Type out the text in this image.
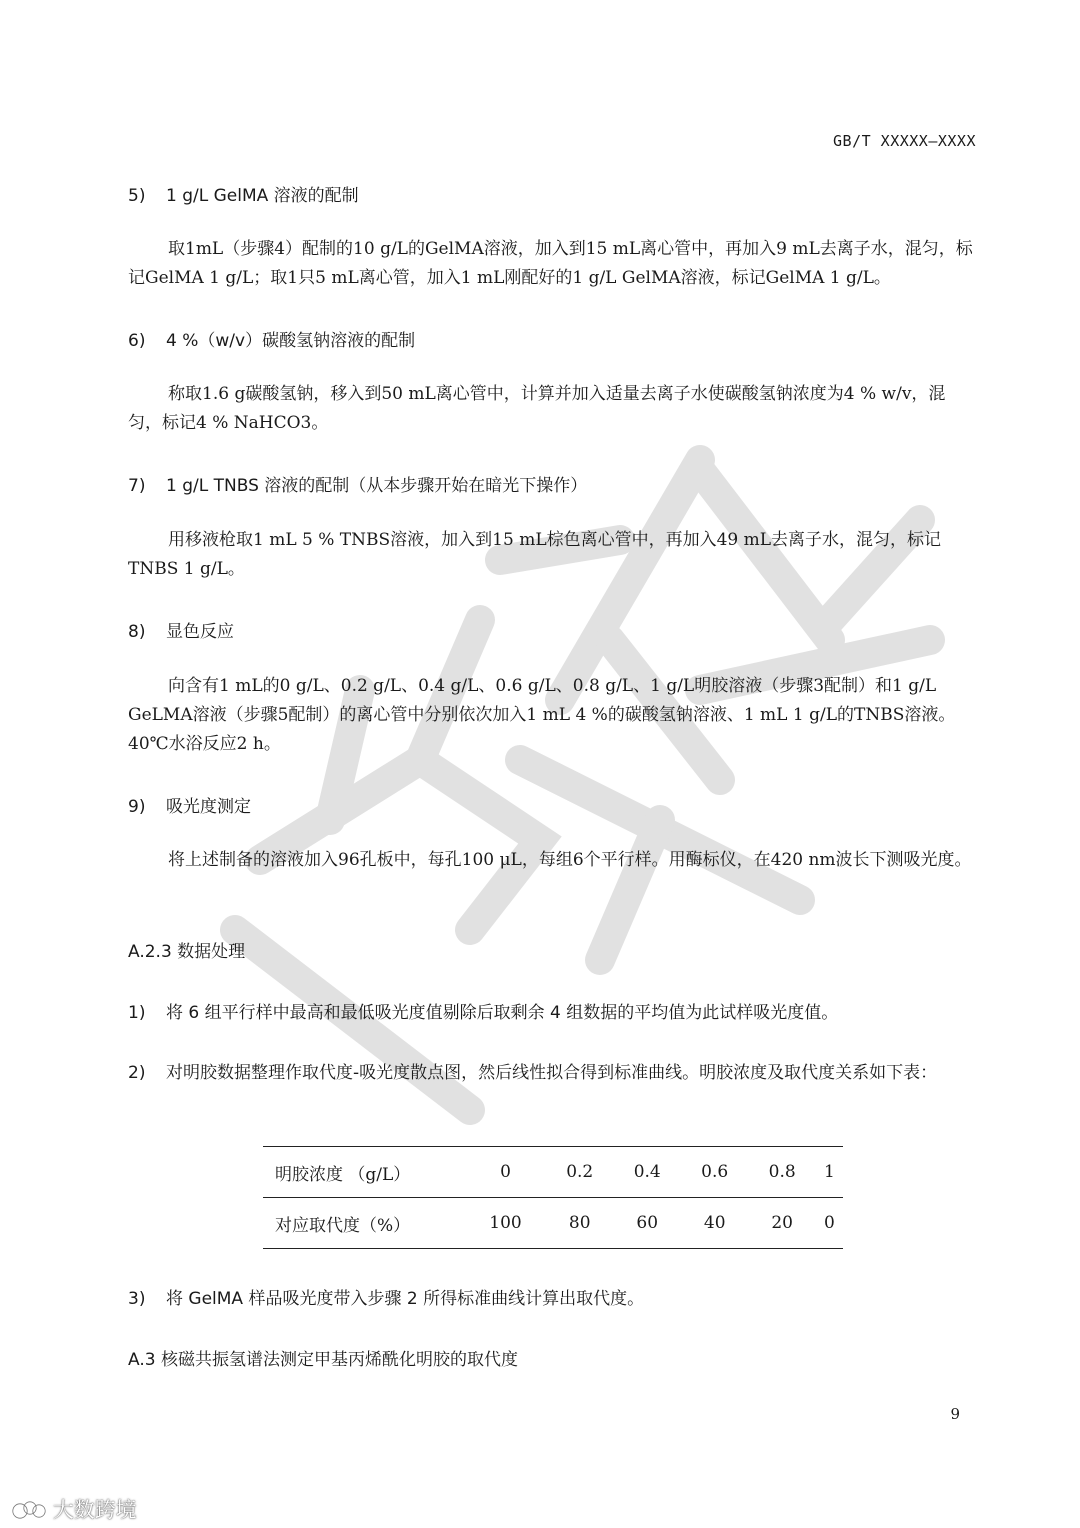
GB/T XXXXX—XXXX
5) 1 g/L GelMA 溶液的配制

取1mL（步骤4）配制的10 g/L的GelMA溶液，加入到15 mL离心管中，再加入9 mL去离子水，混匀，标记GelMA 1 g/L；取1只5 mL离心管，加入1 mL刚配好的1 g/L GelMA溶液，标记GelMA 1 g/L。

6) 4 %（w/v）碳酸氢钠溶液的配制

称取1.6 g碳酸氢钠，移入到50 mL离心管中，计算并加入适量去离子水使碳酸氢钠浓度为4 % w/v，混匀，标记4 % NaHCO3。

7) 1 g/L TNBS 溶液的配制（从本步骤开始在暗光下操作）

用移液枪取1 mL 5 % TNBS溶液，加入到15 mL棕色离心管中，再加入49 mL去离子水，混匀，标记TNBS 1 g/L。

8) 显色反应

向含有1 mL的0 g/L、0.2 g/L、0.4 g/L、0.6 g/L、0.8 g/L、1 g/L明胶溶液（步骤3配制）和1 g/L GeLMA溶液（步骤5配制）的离心管中分别依次加入1 mL 4 %的碳酸氢钠溶液、1 mL 1 g/L的TNBS溶液。40℃水浴反应2 h。

9) 吸光度测定

将上述制备的溶液加入96孔板中，每孔100 μL，每组6个平行样。用酶标仪，在420 nm波长下测吸光度。

A.2.3 数据处理
1) 将 6 组平行样中最高和最低吸光度值剔除后取剩余 4 组数据的平均值为此试样吸光度值。
2) 对明胶数据整理作取代度-吸光度散点图，然后线性拟合得到标准曲线。明胶浓度及取代度关系如下表：
明胶浓度 （g/L）	0	0.2	0.4	0.6	0.8	1
对应取代度（%）	100	80	60	40	20	0
3) 将 GelMA 样品吸光度带入步骤 2 所得标准曲线计算出取代度。
A.3 核磁共振氢谱法测定甲基丙烯酰化明胶的取代度
9
大数跨境
